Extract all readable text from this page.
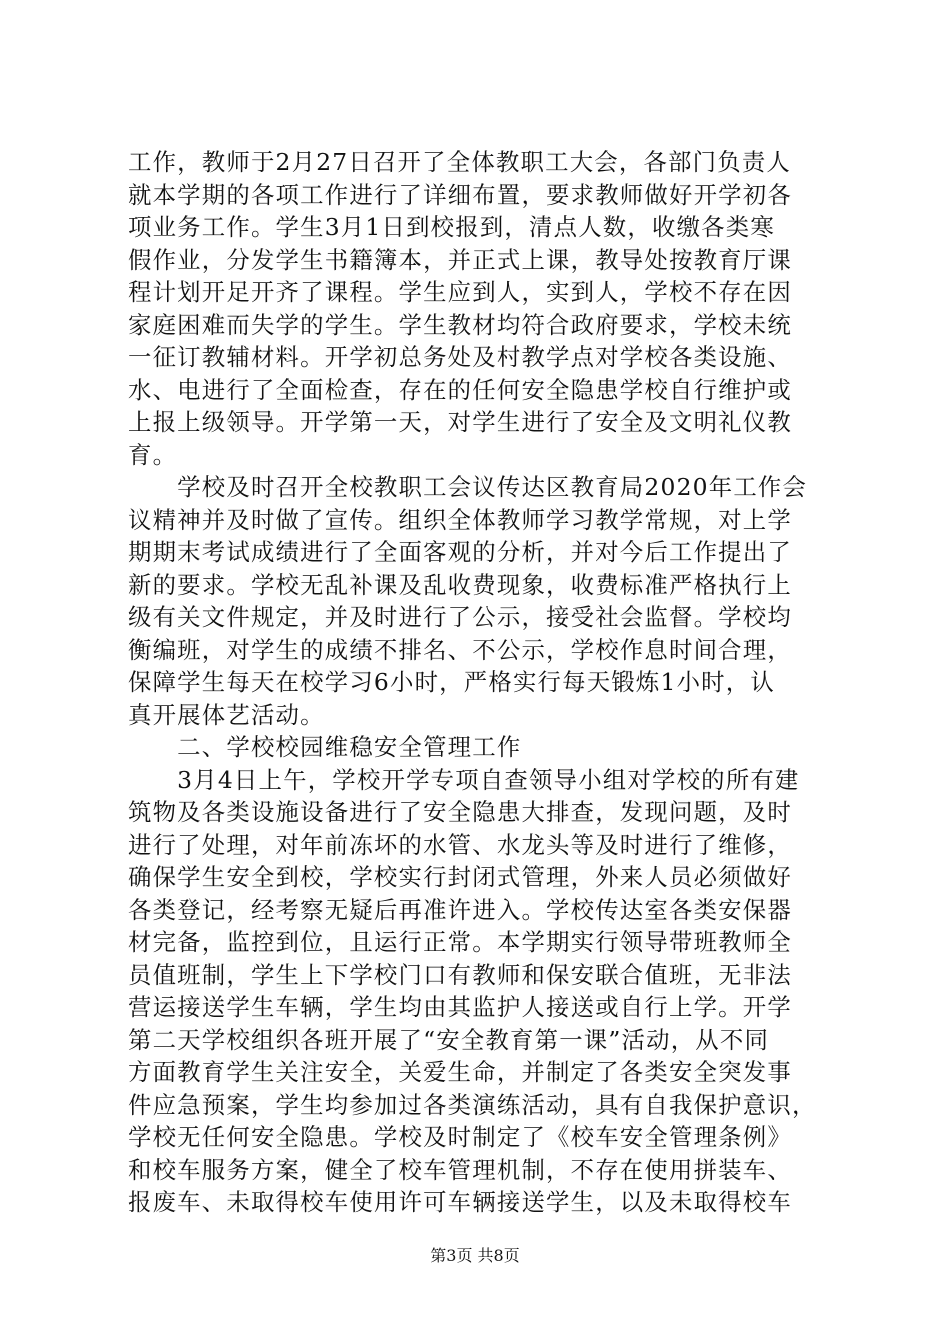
工作，教师于2月27日召开了全体教职工大会，各部门负责人
就本学期的各项工作进行了详细布置，要求教师做好开学初各
项业务工作。学生3月1日到校报到，清点人数，收缴各类寒
假作业，分发学生书籍簿本，并正式上课，教导处按教育厅课
程计划开足开齐了课程。学生应到人，实到人，学校不存在因
家庭困难而失学的学生。学生教材均符合政府要求，学校未统
一征订教辅材料。开学初总务处及村教学点对学校各类设施、
水、电进行了全面检查，存在的任何安全隐患学校自行维护或
上报上级领导。开学第一天，对学生进行了安全及文明礼仪教
育。
　　学校及时召开全校教职工会议传达区教育局2020年工作会
议精神并及时做了宣传。组织全体教师学习教学常规，对上学
期期末考试成绩进行了全面客观的分析，并对今后工作提出了
新的要求。学校无乱补课及乱收费现象，收费标准严格执行上
级有关文件规定，并及时进行了公示，接受社会监督。学校均
衡编班，对学生的成绩不排名、不公示，学校作息时间合理，
保障学生每天在校学习6小时，严格实行每天锻炼1小时，认
真开展体艺活动。
　　二、学校校园维稳安全管理工作
　　3月4日上午，学校开学专项自查领导小组对学校的所有建
筑物及各类设施设备进行了安全隐患大排查，发现问题，及时
进行了处理，对年前冻坏的水管、水龙头等及时进行了维修，
确保学生安全到校，学校实行封闭式管理，外来人员必须做好
各类登记，经考察无疑后再准许进入。学校传达室各类安保器
材完备，监控到位，且运行正常。本学期实行领导带班教师全
员值班制，学生上下学校门口有教师和保安联合值班，无非法
营运接送学生车辆，学生均由其监护人接送或自行上学。开学
第二天学校组织各班开展了“安全教育第一课”活动，从不同
方面教育学生关注安全，关爱生命，并制定了各类安全突发事
件应急预案，学生均参加过各类演练活动，具有自我保护意识，
学校无任何安全隐患。学校及时制定了《校车安全管理条例》
和校车服务方案，健全了校车管理机制，不存在使用拼装车、
报废车、未取得校车使用许可车辆接送学生，以及未取得校车
第3页 共8页
